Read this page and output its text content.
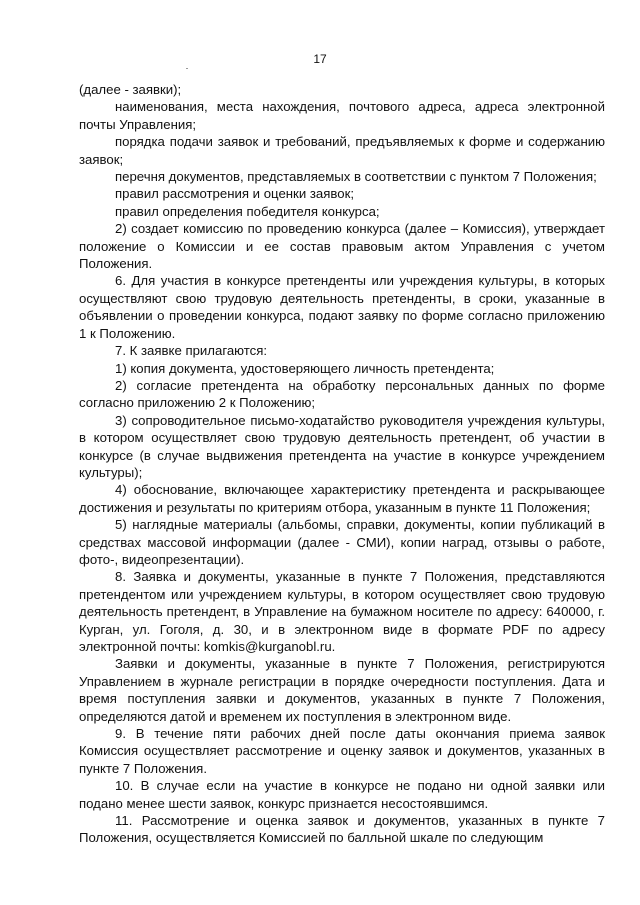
17

(далее - заявки);

наименования, места нахождения, почтового адреса, адреса электронной почты Управления;

порядка подачи заявок и требований, предъявляемых к форме и содержанию заявок;

перечня документов, представляемых в соответствии с пунктом 7 Положения;

правил рассмотрения и оценки заявок;

правил определения победителя конкурса;

2) создает комиссию по проведению конкурса (далее – Комиссия), утверждает положение о Комиссии и ее состав правовым актом Управления с учетом Положения.

6. Для участия в конкурсе претенденты или учреждения культуры, в которых осуществляют свою трудовую деятельность претенденты, в сроки, указанные в объявлении о проведении конкурса, подают заявку по форме согласно приложению 1 к Положению.

7. К заявке прилагаются:

1) копия документа, удостоверяющего личность претендента;

2) согласие претендента на обработку персональных данных по форме согласно приложению 2 к Положению;

3) сопроводительное письмо-ходатайство руководителя учреждения культуры, в котором осуществляет свою трудовую деятельность претендент, об участии в конкурсе (в случае выдвижения претендента на участие в конкурсе учреждением культуры);

4) обоснование, включающее характеристику претендента и раскрывающее достижения и результаты по критериям отбора, указанным в пункте 11 Положения;

5) наглядные материалы (альбомы, справки, документы, копии публикаций в средствах массовой информации (далее - СМИ), копии наград, отзывы о работе, фото-, видеопрезентации).

8. Заявка и документы, указанные в пункте 7 Положения, представляются претендентом или учреждением культуры, в котором осуществляет свою трудовую деятельность претендент, в Управление на бумажном носителе по адресу: 640000, г. Курган, ул. Гоголя, д. 30, и в электронном виде в формате PDF по адресу электронной почты: komkis@kurganobl.ru.

Заявки и документы, указанные в пункте 7 Положения, регистрируются Управлением в журнале регистрации в порядке очередности поступления. Дата и время поступления заявки и документов, указанных в пункте 7 Положения, определяются датой и временем их поступления в электронном виде.

9. В течение пяти рабочих дней после даты окончания приема заявок Комиссия осуществляет рассмотрение и оценку заявок и документов, указанных в пункте 7 Положения.

10. В случае если на участие в конкурсе не подано ни одной заявки или подано менее шести заявок, конкурс признается несостоявшимся.

11. Рассмотрение и оценка заявок и документов, указанных в пункте 7 Положения, осуществляется Комиссией по балльной шкале по следующим
